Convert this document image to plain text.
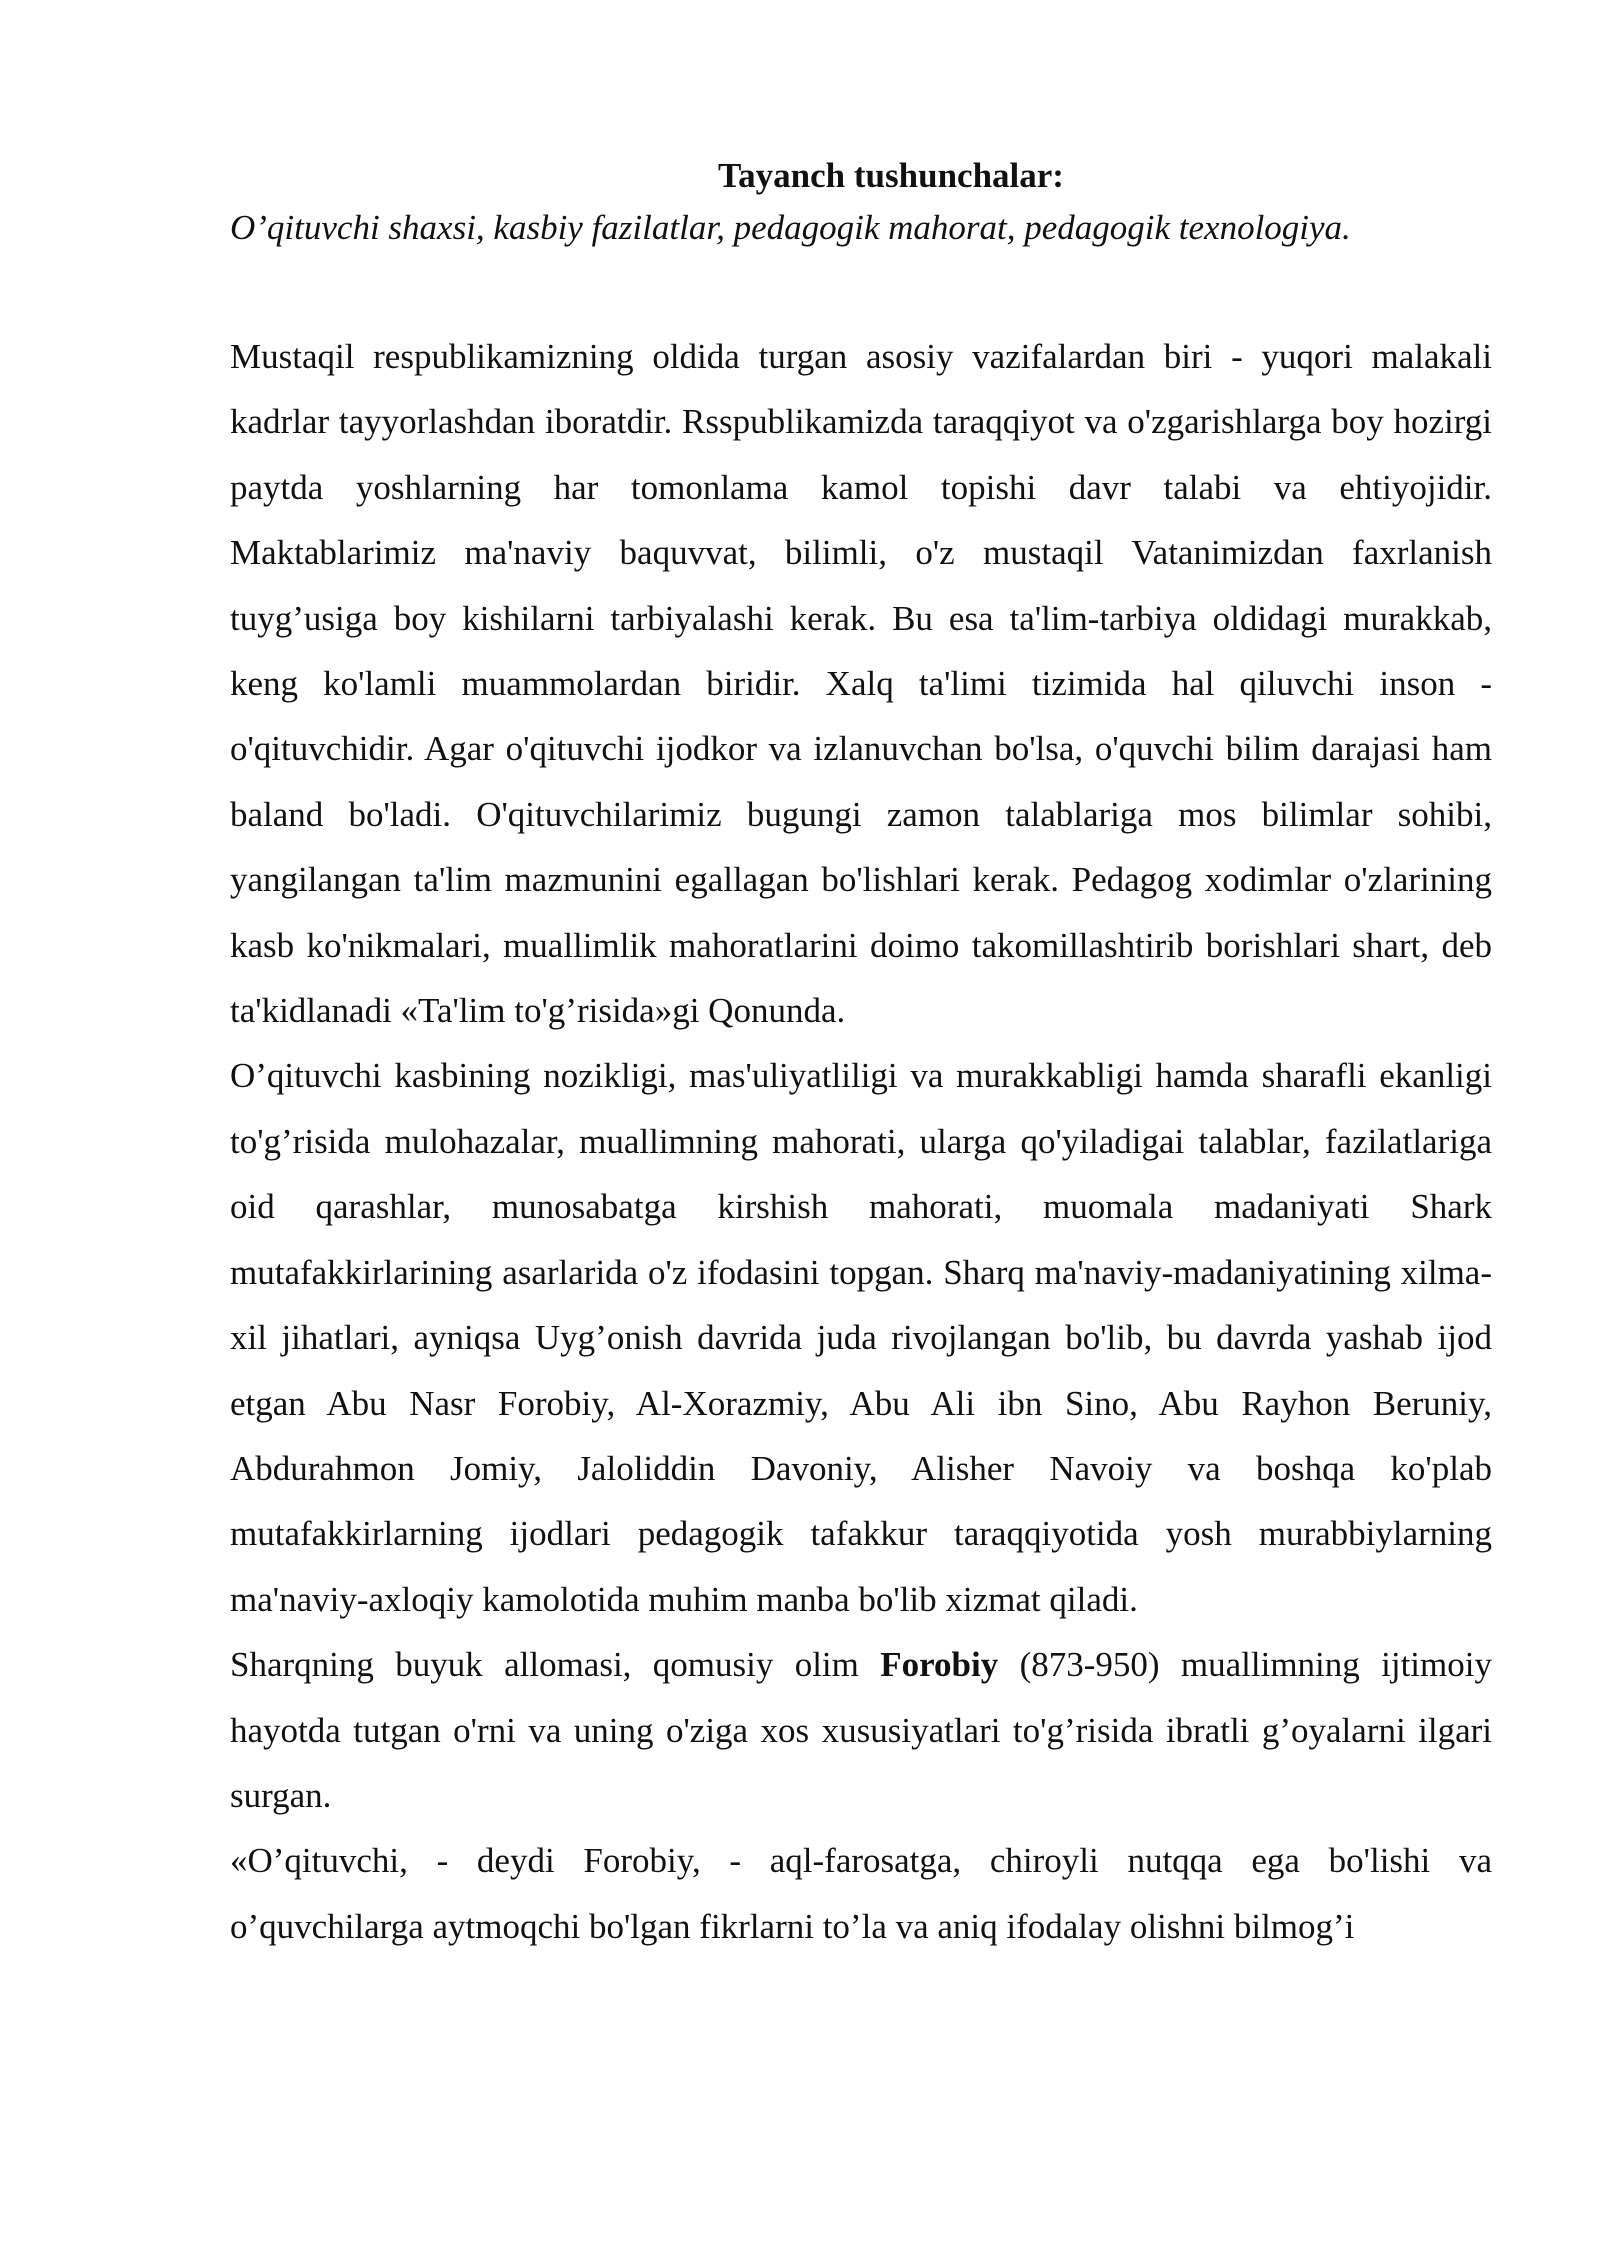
Tayanch tushunchalar:

O’qituvchi shaxsi, kasbiy fazilatlar, pedagogik mahorat, pedagogik texnologiya.

Mustaqil respublikamizning oldida turgan asosiy vazifalardan biri - yuqori malakali kadrlar tayyorlashdan iboratdir. Rsspublikamizda taraqqiyot va o'zgarishlarga boy hozirgi paytda yoshlarning har tomonlama kamol topishi davr talabi va ehtiyojidir. Maktablarimiz ma'naviy baquvvat, bilimli, o'z mustaqil Vatanimizdan faxrlanish tuyg’usiga boy kishilarni tarbiyalashi kerak. Bu esa ta'lim-tarbiya oldidagi murakkab, keng ko'lamli muammolardan biridir. Xalq ta'limi tizimida hal qiluvchi inson - o'qituvchidir. Agar o'qituvchi ijodkor va izlanuvchan bo'lsa, o'quvchi bilim darajasi ham baland bo'ladi. O'qituvchilarimiz bugungi zamon talablariga mos bilimlar sohibi, yangilangan ta'lim mazmunini egallagan bo'lishlari kerak. Pedagog xodimlar o'zlarining kasb ko'nikmalari, muallimlik mahoratlarini doimo takomillashtirib borishlari shart, deb ta'kidlanadi «Ta'lim to'g’risida»gi Qonunda.

O’qituvchi kasbining nozikligi, mas'uliyatliligi va murakkabligi hamda sharafli ekanligi to'g’risida mulohazalar, muallimning mahorati, ularga qo'yiladigai talablar, fazilatlariga oid qarashlar, munosabatga kirshish mahorati, muomala madaniyati Shark mutafakkirlarining asarlarida o'z ifodasini topgan. Sharq ma'naviy-madaniyatining xilma-xil jihatlari, ayniqsa Uyg’onish davrida juda rivojlangan bo'lib, bu davrda yashab ijod etgan Abu Nasr Forobiy, Al-Xorazmiy, Abu Ali ibn Sino, Abu Rayhon Beruniy, Abdurahmon Jomiy, Jaloliddin Davoniy, Alisher Navoiy va boshqa ko'plab mutafakkirlarning ijodlari pedagogik tafakkur taraqqiyotida yosh murabbiylarning ma'naviy-axloqiy kamolotida muhim manba bo'lib xizmat qiladi.

Sharqning buyuk allomasi, qomusiy olim Forobiy (873-950) muallimning ijtimoiy hayotda tutgan o'rni va uning o'ziga xos xususiyatlari to'g’risida ibratli g’oyalarni ilgari surgan.

«O’qituvchi, - deydi Forobiy, - aql-farosatga, chiroyli nutqqa ega bo'lishi va o’quvchilarga aytmoqchi bo'lgan fikrlarni to’la va aniq ifodalay olishni bilmog’i
